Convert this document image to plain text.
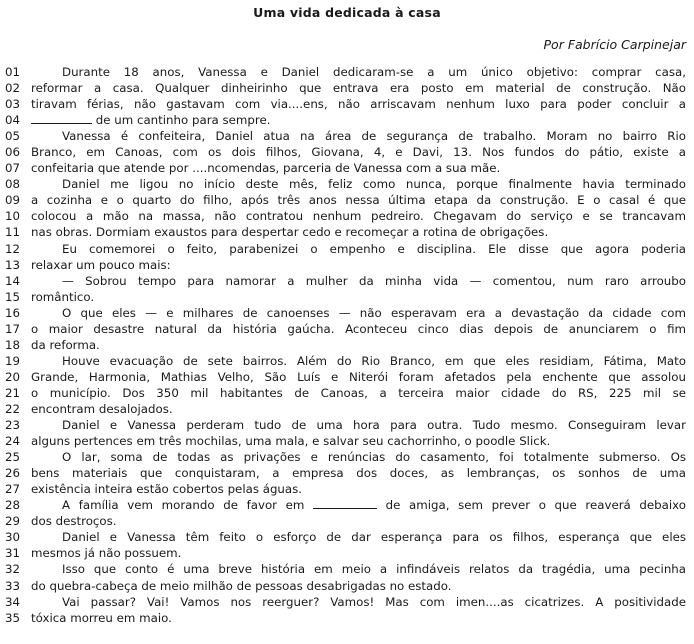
Uma vida dedicada à casa
Por Fabrício Carpinejar
01	Durante 18 anos, Vanessa e Daniel dedicaram-se a um único objetivo: comprar casa,
02 reformar a casa. Qualquer dinheirinho que entrava era posto em material de construção. Não
03 tiravam férias, não gastavam com via....ens, não arriscavam nenhum luxo para poder concluir a
04	de um cantinho para sempre.
05	Vanessa é confeiteira, Daniel atua na área de segurança de trabalho. Moram no bairro Rio
06 Branco, em Canoas, com os dois filhos, Giovana, 4, e Davi, 13. Nos fundos do pátio, existe a
07 confeitaria que atende por ....ncomendas, parceria de Vanessa com a sua mãe.
08	Daniel me ligou no início deste mês, feliz como nunca, porque finalmente havia terminado
09 a cozinha e o quarto do filho, após três anos nessa última etapa da construção. E o casal é que
10 colocou a mão na massa, não contratou nenhum pedreiro. Chegavam do serviço e se trancavam
11 nas obras. Dormiam exaustos para despertar cedo e recomeçar a rotina de obrigações.
12	Eu comemorei o feito, parabenizei o empenho e disciplina. Ele disse que agora poderia
13 relaxar um pouco mais:
14	— Sobrou tempo para namorar a mulher da minha vida — comentou, num raro arroubo
15 romântico.
16	O que eles — e milhares de canoenses — não esperavam era a devastação da cidade com
17 o maior desastre natural da história gaúcha. Aconteceu cinco dias depois de anunciarem o fim
18 da reforma.
19	Houve evacuação de sete bairros. Além do Rio Branco, em que eles residiam, Fátima, Mato
20 Grande, Harmonia, Mathias Velho, São Luís e Niterói foram afetados pela enchente que assolou
21 o município. Dos 350 mil habitantes de Canoas, a terceira maior cidade do RS, 225 mil se
22 encontram desalojados.
23	Daniel e Vanessa perderam tudo de uma hora para outra. Tudo mesmo. Conseguiram levar
24 alguns pertences em três mochilas, uma mala, e salvar seu cachorrinho, o poodle Slick.
25	O lar, soma de todas as privações e renúncias do casamento, foi totalmente submerso. Os
26 bens materiais que conquistaram, a empresa dos doces, as lembranças, os sonhos de uma
27 existência inteira estão cobertos pelas águas.
28	A família vem morando de favor em	de amiga, sem prever o que reaverá debaixo
29 dos destroços.
30	Daniel e Vanessa têm feito o esforço de dar esperança para os filhos, esperança que eles
31 mesmos já não possuem.
32	Isso que conto é uma breve história em meio a infindáveis relatos da tragédia, uma pecinha
33 do quebra-cabeça de meio milhão de pessoas desabrigadas no estado.
34	Vai passar? Vai! Vamos nos reerguer? Vamos! Mas com imen....as cicatrizes. A positividade
35 tóxica morreu em maio.
